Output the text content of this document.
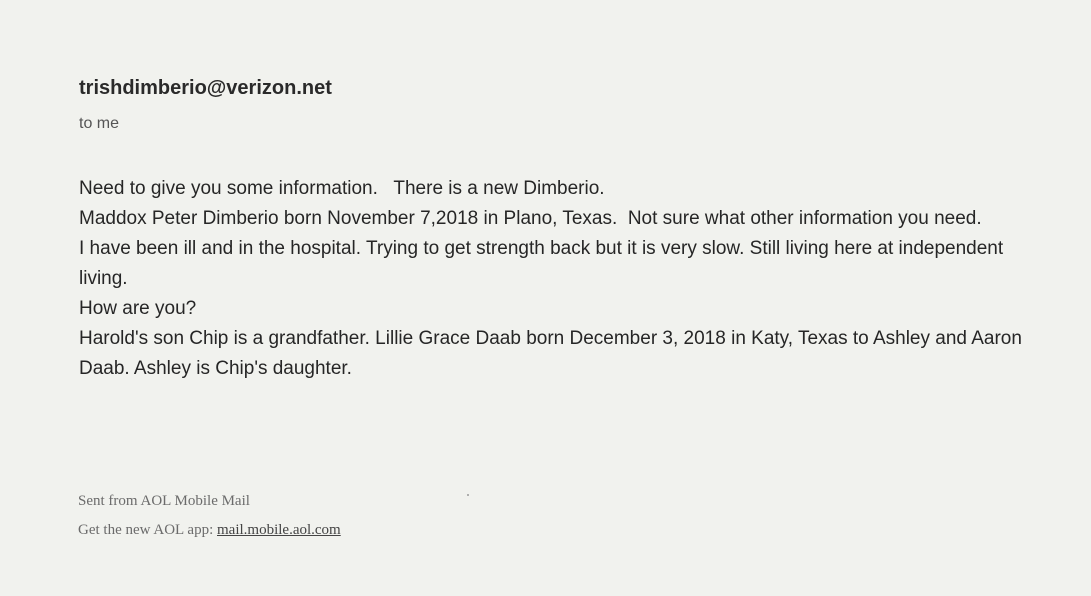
trishdimberio@verizon.net
to me
Need to give you some information.   There is a new Dimberio.
Maddox Peter Dimberio born November 7,2018 in Plano, Texas.  Not sure what other information you need.
I have been ill and in the hospital. Trying to get strength back but it is very slow. Still living here at independent living.
How are you?
Harold's son Chip is a grandfather. Lillie Grace Daab born December 3, 2018 in Katy, Texas to Ashley and Aaron Daab. Ashley is Chip's daughter.
Sent from AOL Mobile Mail
Get the new AOL app: mail.mobile.aol.com
